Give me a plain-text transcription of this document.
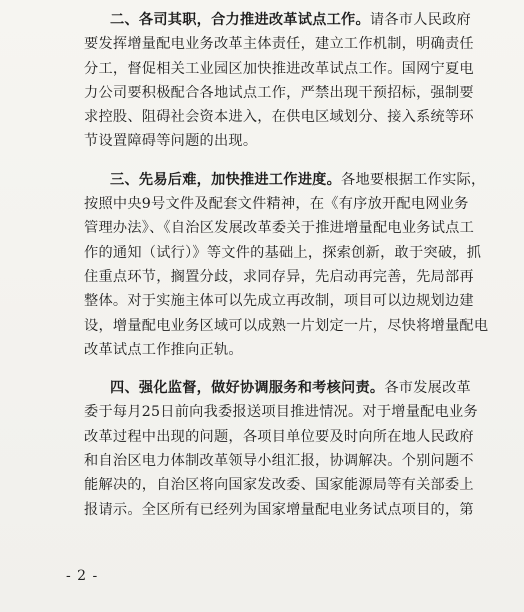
二、各司其职，合力推进改革试点工作。请各市人民政府

要发挥增量配电业务改革主体责任，建立工作机制，明确责任

分工，督促相关工业园区加快推进改革试点工作。国网宁夏电

力公司要积极配合各地试点工作，严禁出现干预招标，强制要

求控股、阻碍社会资本进入，在供电区域划分、接入系统等环

节设置障碍等问题的出现。

三、先易后难，加快推进工作进度。各地要根据工作实际，

按照中央9号文件及配套文件精神，在《有序放开配电网业务

管理办法》、《自治区发展改革委关于推进增量配电业务试点工

作的通知（试行）》等文件的基础上，探索创新，敢于突破，抓

住重点环节，搁置分歧，求同存异，先启动再完善，先局部再

整体。对于实施主体可以先成立再改制，项目可以边规划边建

设，增量配电业务区域可以成熟一片划定一片，尽快将增量配电

改革试点工作推向正轨。

四、强化监督，做好协调服务和考核问责。各市发展改革

委于每月25日前向我委报送项目推进情况。对于增量配电业务

改革过程中出现的问题，各项目单位要及时向所在地人民政府

和自治区电力体制改革领导小组汇报，协调解决。个别问题不

能解决的，自治区将向国家发改委、国家能源局等有关部委上

报请示。全区所有已经列为国家增量配电业务试点项目的，第

- 2 -
